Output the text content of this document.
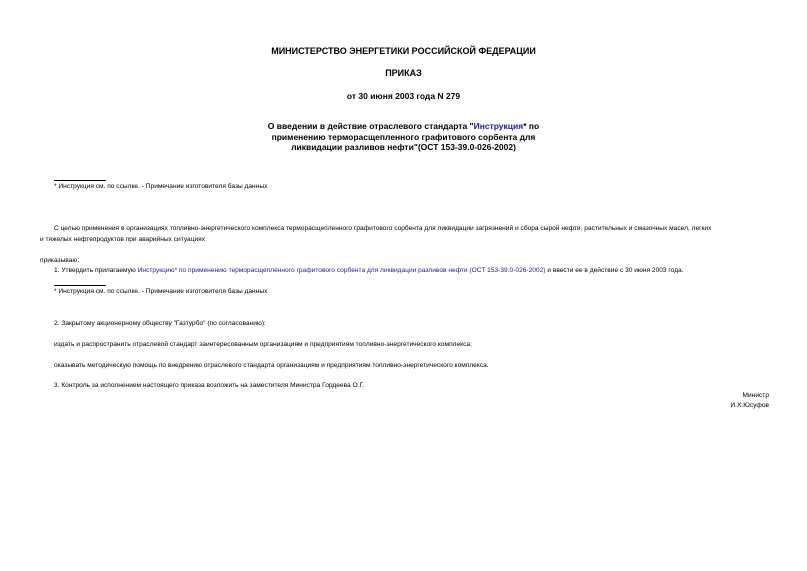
МИНИСТЕРСТВО ЭНЕРГЕТИКИ РОССИЙСКОЙ ФЕДЕРАЦИИ
ПРИКАЗ
от 30 июня 2003 года N 279
О введении в действие отраслевого стандарта "Инструкция* по
применению терморасщепленного графитового сорбента для
ликвидации разливов нефти"(ОСТ 153-39.0-026-2002)
* Инструкция см. по ссылке. - Примечание изготовителя базы данных
С целью применения в организациях топливно-энергетического комплекса терморасщепленного графитового сорбента для ликвидации загрязнений и сбора сырой нефти, растительных и смазочных масел, легких
и тяжелых нефтепродуктов при аварийных ситуациях
приказываю:
1. Утвердить прилагаемую Инструкцию* по применению терморасщепленного графитового сорбента для ликвидации разливов нефти (ОСТ 153-39.0-026-2002) и ввести ее в действие с 30 июня 2003 года.
* Инструкция см. по ссылке. - Примечание изготовителя базы данных
2. Закрытому акционерному обществу "Газтурбо" (по согласованию):
издать и распространить отраслевой стандарт заинтересованным организациям и предприятиям топливно-энергетического комплекса;
оказывать методическую помощь по внедрению отраслевого стандарта организациям и предприятиям топливно-энергетического комплекса.
3. Контроль за исполнением настоящего приказа возложить на заместителя Министра Гордеева О.Г.
Министр
И.Х.Юсуфов
